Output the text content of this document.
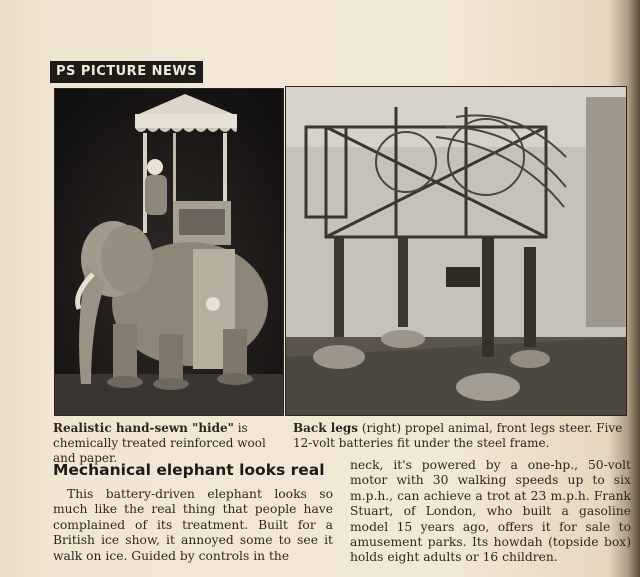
PS PICTURE NEWS
Realistic hand-sewn "hide" is chemically treated reinforced wool and paper.
Back legs (right) propel animal, front legs steer. Five 12-volt batteries fit under the steel frame.
Mechanical elephant looks real
This battery-driven elephant looks so much like the real thing that people have complained of its treatment. Built for a British ice show, it annoyed some to see it walk on ice. Guided by controls in the
neck, it's powered by a one-hp., 50-volt motor with 30 walking speeds up to six m.p.h., can achieve a trot at 23 m.p.h. Frank Stuart, of London, who built a gasoline model 15 years ago, offers it for sale to amusement parks. Its howdah (topside box) holds eight adults or 16 children.
